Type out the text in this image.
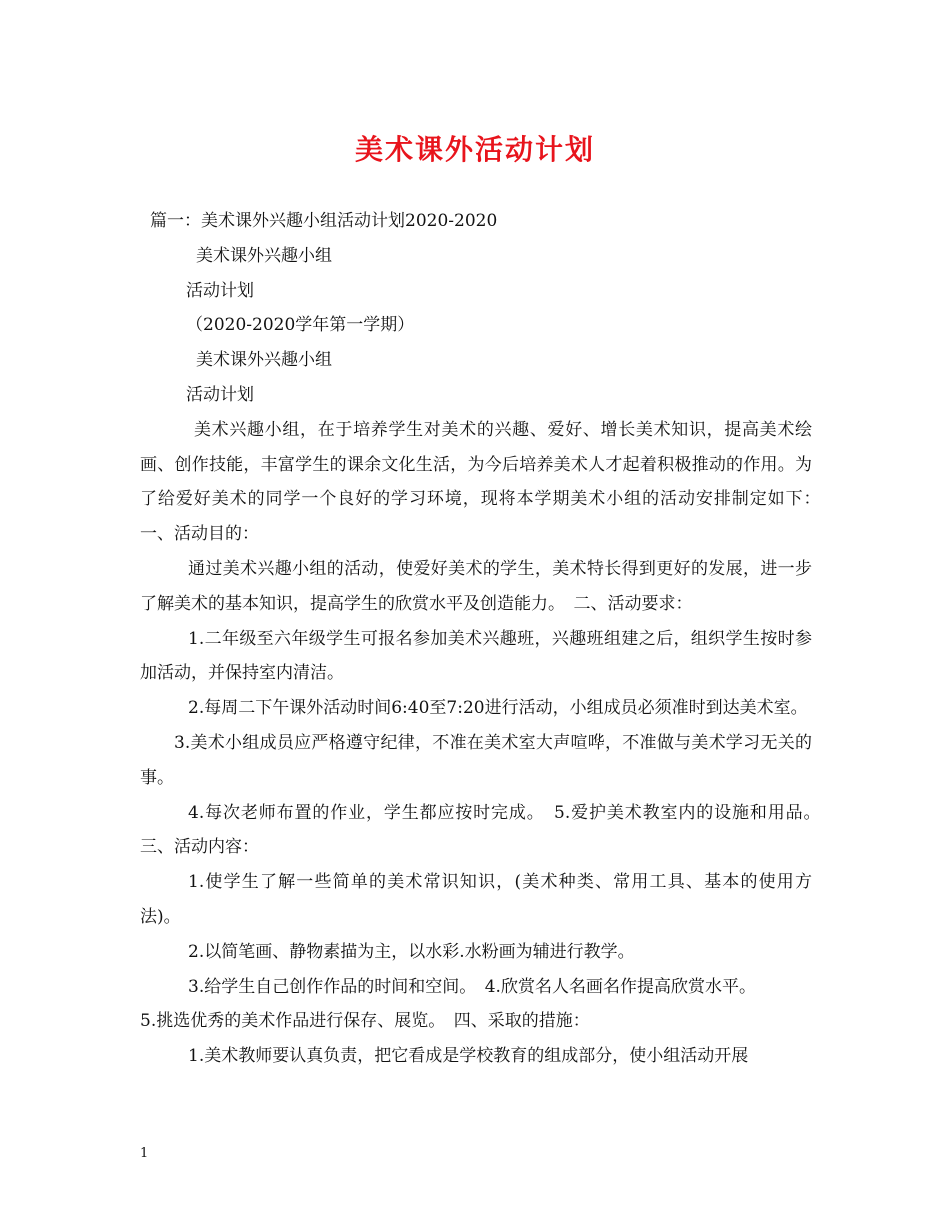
美术课外活动计划
篇一：美术课外兴趣小组活动计划2020-2020
美术课外兴趣小组
活动计划
（2020-2020学年第一学期）
美术课外兴趣小组
活动计划
美术兴趣小组，在于培养学生对美术的兴趣、爱好、增长美术知识，提高美术绘画、创作技能，丰富学生的课余文化生活，为今后培养美术人才起着积极推动的作用。为了给爱好美术的同学一个良好的学习环境，现将本学期美术小组的活动安排制定如下：　一、活动目的：
通过美术兴趣小组的活动，使爱好美术的学生，美术特长得到更好的发展，进一步了解美术的基本知识，提高学生的欣赏水平及创造能力。　二、活动要求：
1.二年级至六年级学生可报名参加美术兴趣班，兴趣班组建之后，组织学生按时参加活动，并保持室内清洁。
2.每周二下午课外活动时间6:40至7:20进行活动，小组成员必须准时到达美术室。
3.美术小组成员应严格遵守纪律，不准在美术室大声喧哗，不准做与美术学习无关的事。
4.每次老师布置的作业，学生都应按时完成。　5.爱护美术教室内的设施和用品。　三、活动内容：
1.使学生了解一些简单的美术常识知识，(美术种类、常用工具、基本的使用方法)。
2.以简笔画、静物素描为主，以水彩.水粉画为辅进行教学。
3.给学生自己创作作品的时间和空间。　4.欣赏名人名画名作提高欣赏水平。
5.挑选优秀的美术作品进行保存、展览。　四、采取的措施：
1.美术教师要认真负责，把它看成是学校教育的组成部分，使小组活动开展
1
